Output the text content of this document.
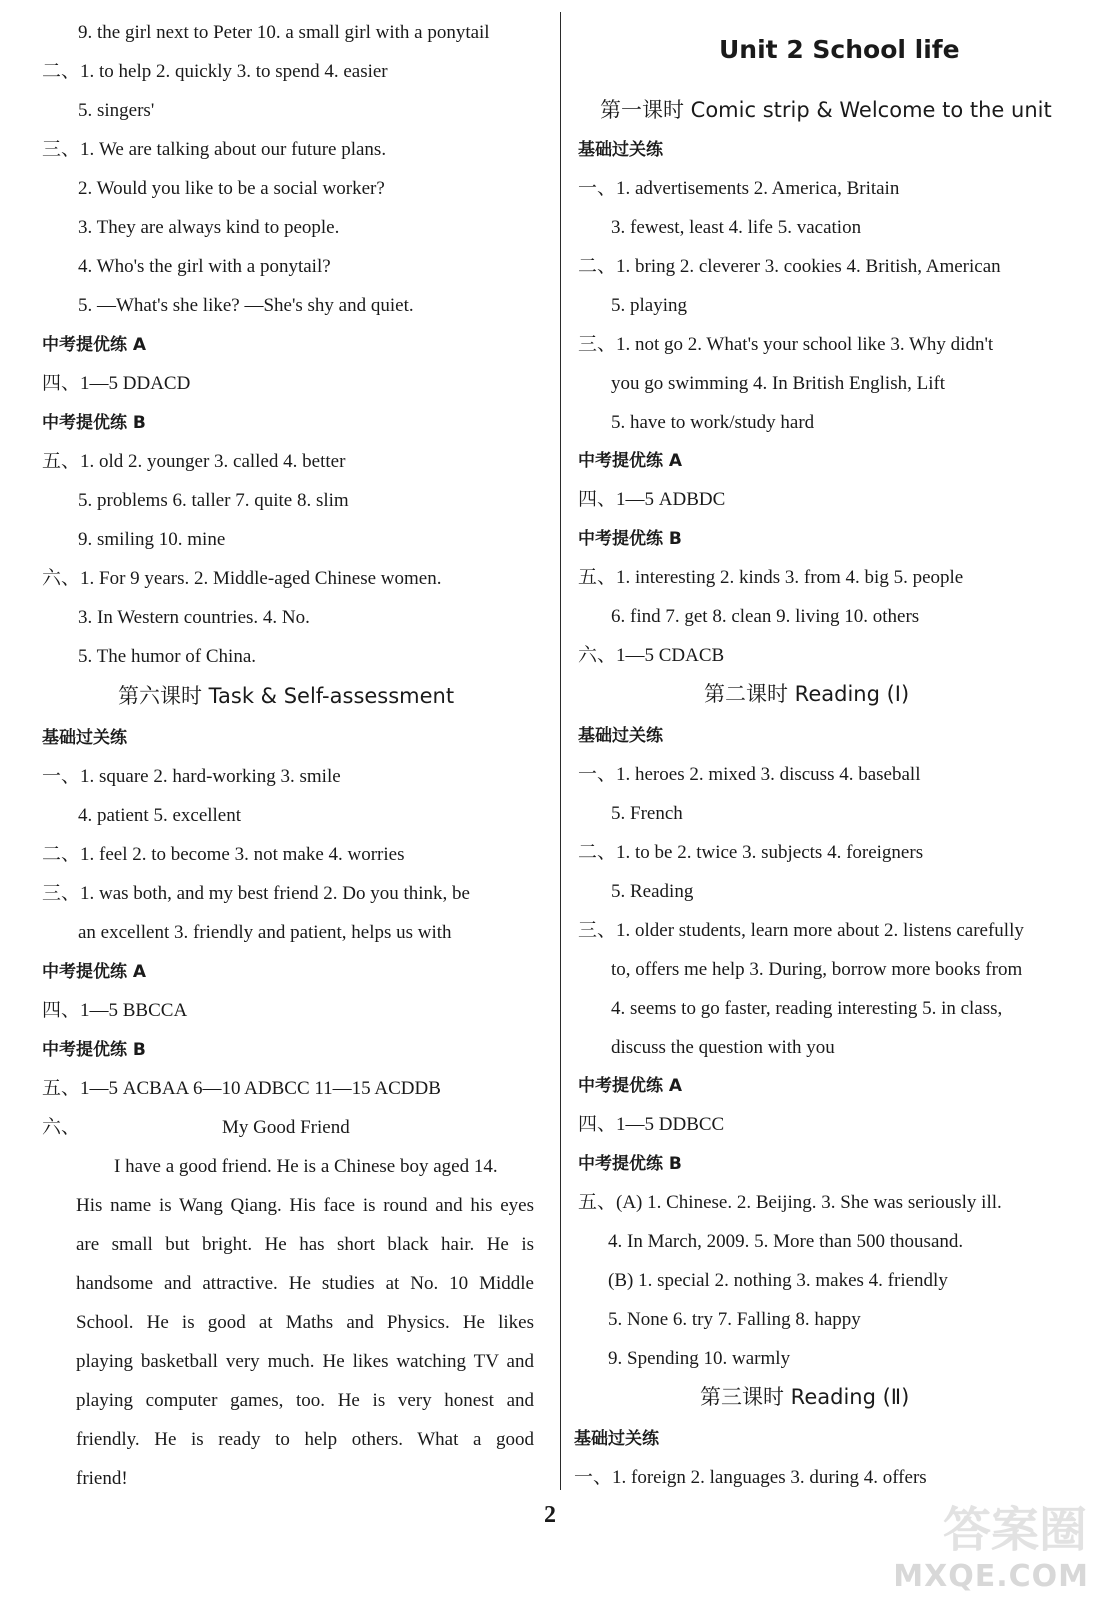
9. the girl next to Peter 10. a small girl with a ponytail
二、1. to help 2. quickly 3. to spend 4. easier
5. singers'
三、1. We are talking about our future plans.
2. Would you like to be a social worker?
3. They are always kind to people.
4. Who's the girl with a ponytail?
5. —What's she like? —She's shy and quiet.
中考提优练 A
四、1—5 DDACD
中考提优练 B
五、1. old 2. younger 3. called 4. better
5. problems 6. taller 7. quite 8. slim
9. smiling 10. mine
六、1. For 9 years. 2. Middle-aged Chinese women.
3. In Western countries. 4. No.
5. The humor of China.
第六课时 Task & Self-assessment
基础过关练
一、1. square 2. hard-working 3. smile
4. patient 5. excellent
二、1. feel 2. to become 3. not make 4. worries
三、1. was both, and my best friend 2. Do you think, be
an excellent 3. friendly and patient, helps us with
中考提优练 A
四、1—5 BBCCA
中考提优练 B
五、1—5 ACBAA 6—10 ADBCC 11—15 ACDDB
六、	My Good Friend
I have a good friend. He is a Chinese boy aged 14.
His name is Wang Qiang. His face is round and his eyes
are small but bright. He has short black hair. He is
handsome and attractive. He studies at No. 10 Middle
School. He is good at Maths and Physics. He likes
playing basketball very much. He likes watching TV and
playing computer games, too. He is very honest and
friendly. He is ready to help others. What a good
friend!
Unit 2 School life
第一课时 Comic strip & Welcome to the unit
基础过关练
一、1. advertisements 2. America, Britain
3. fewest, least 4. life 5. vacation
二、1. bring 2. cleverer 3. cookies 4. British, American
5. playing
三、1. not go 2. What's your school like 3. Why didn't
you go swimming 4. In British English, Lift
5. have to work/study hard
中考提优练 A
四、1—5 ADBDC
中考提优练 B
五、1. interesting 2. kinds 3. from 4. big 5. people
6. find 7. get 8. clean 9. living 10. others
六、1—5 CDACB
第二课时 Reading (Ⅰ)
基础过关练
一、1. heroes 2. mixed 3. discuss 4. baseball
5. French
二、1. to be 2. twice 3. subjects 4. foreigners
5. Reading
三、1. older students, learn more about 2. listens carefully
to, offers me help 3. During, borrow more books from
4. seems to go faster, reading interesting 5. in class,
discuss the question with you
中考提优练 A
四、1—5 DDBCC
中考提优练 B
五、(A) 1. Chinese. 2. Beijing. 3. She was seriously ill.
4. In March, 2009. 5. More than 500 thousand.
(B) 1. special 2. nothing 3. makes 4. friendly
5. None 6. try 7. Falling 8. happy
9. Spending 10. warmly
第三课时 Reading (Ⅱ)
基础过关练
一、1. foreign 2. languages 3. during 4. offers
2	答案圈
MXQE.COM
